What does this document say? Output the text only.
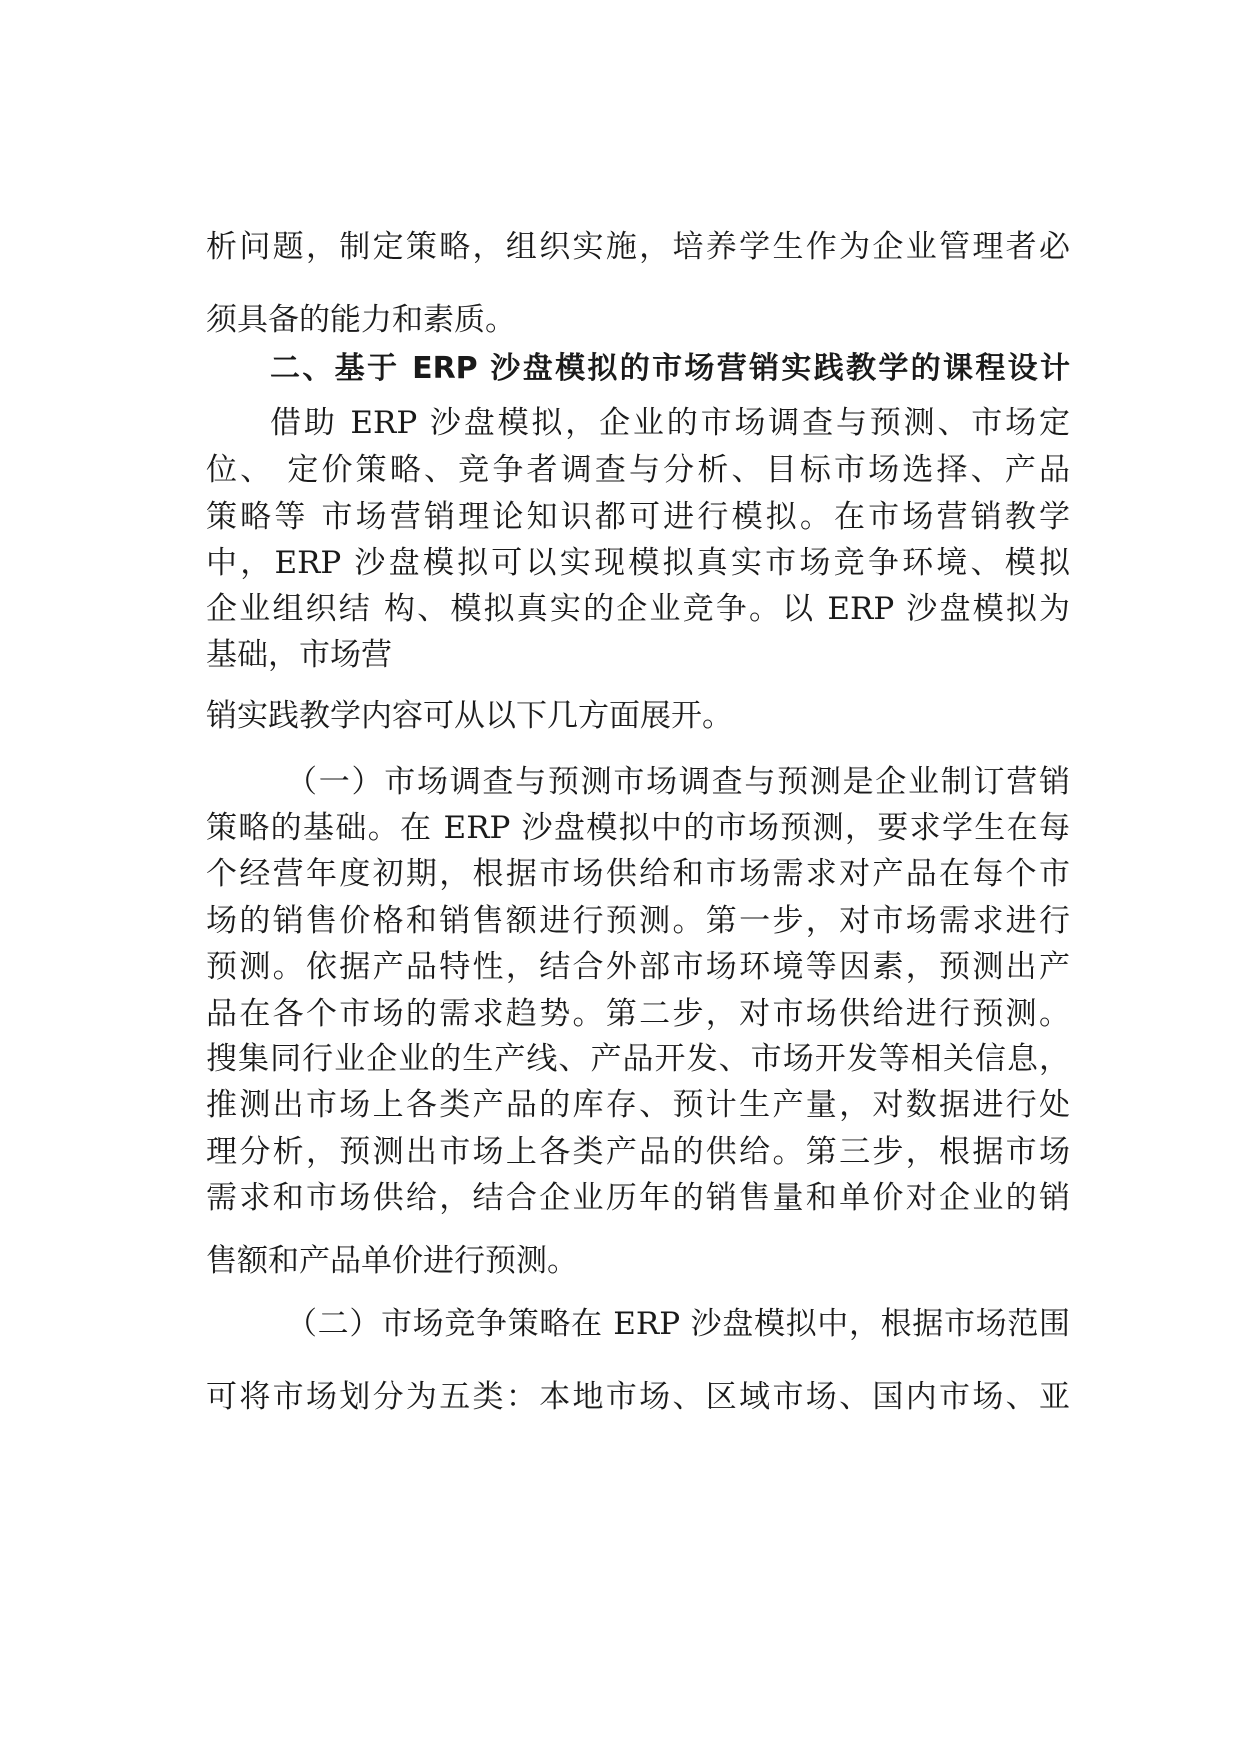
析问题，制定策略，组织实施，培养学生作为企业管理者必

须具备的能力和素质。

二、基于 ERP 沙盘模拟的市场营销实践教学的课程设计

借助 ERP 沙盘模拟，企业的市场调查与预测、市场定

位、 定价策略、竞争者调查与分析、目标市场选择、产品

策略等 市场营销理论知识都可进行模拟。在市场营销教学

中，ERP 沙盘模拟可以实现模拟真实市场竞争环境、模拟

企业组织结 构、模拟真实的企业竞争。以 ERP 沙盘模拟为

基础，市场营

销实践教学内容可从以下几方面展开。

（一）市场调查与预测市场调查与预测是企业制订营销

策略的基础。在 ERP 沙盘模拟中的市场预测，要求学生在每

个经营年度初期，根据市场供给和市场需求对产品在每个市

场的销售价格和销售额进行预测。第一步，对市场需求进行

预测。依据产品特性，结合外部市场环境等因素，预测出产

品在各个市场的需求趋势。第二步，对市场供给进行预测。

搜集同行业企业的生产线、产品开发、市场开发等相关信息，

推测出市场上各类产品的库存、预计生产量，对数据进行处

理分析，预测出市场上各类产品的供给。第三步，根据市场

需求和市场供给，结合企业历年的销售量和单价对企业的销

售额和产品单价进行预测。

（二）市场竞争策略在 ERP 沙盘模拟中，根据市场范围

可将市场划分为五类：本地市场、区域市场、国内市场、亚
